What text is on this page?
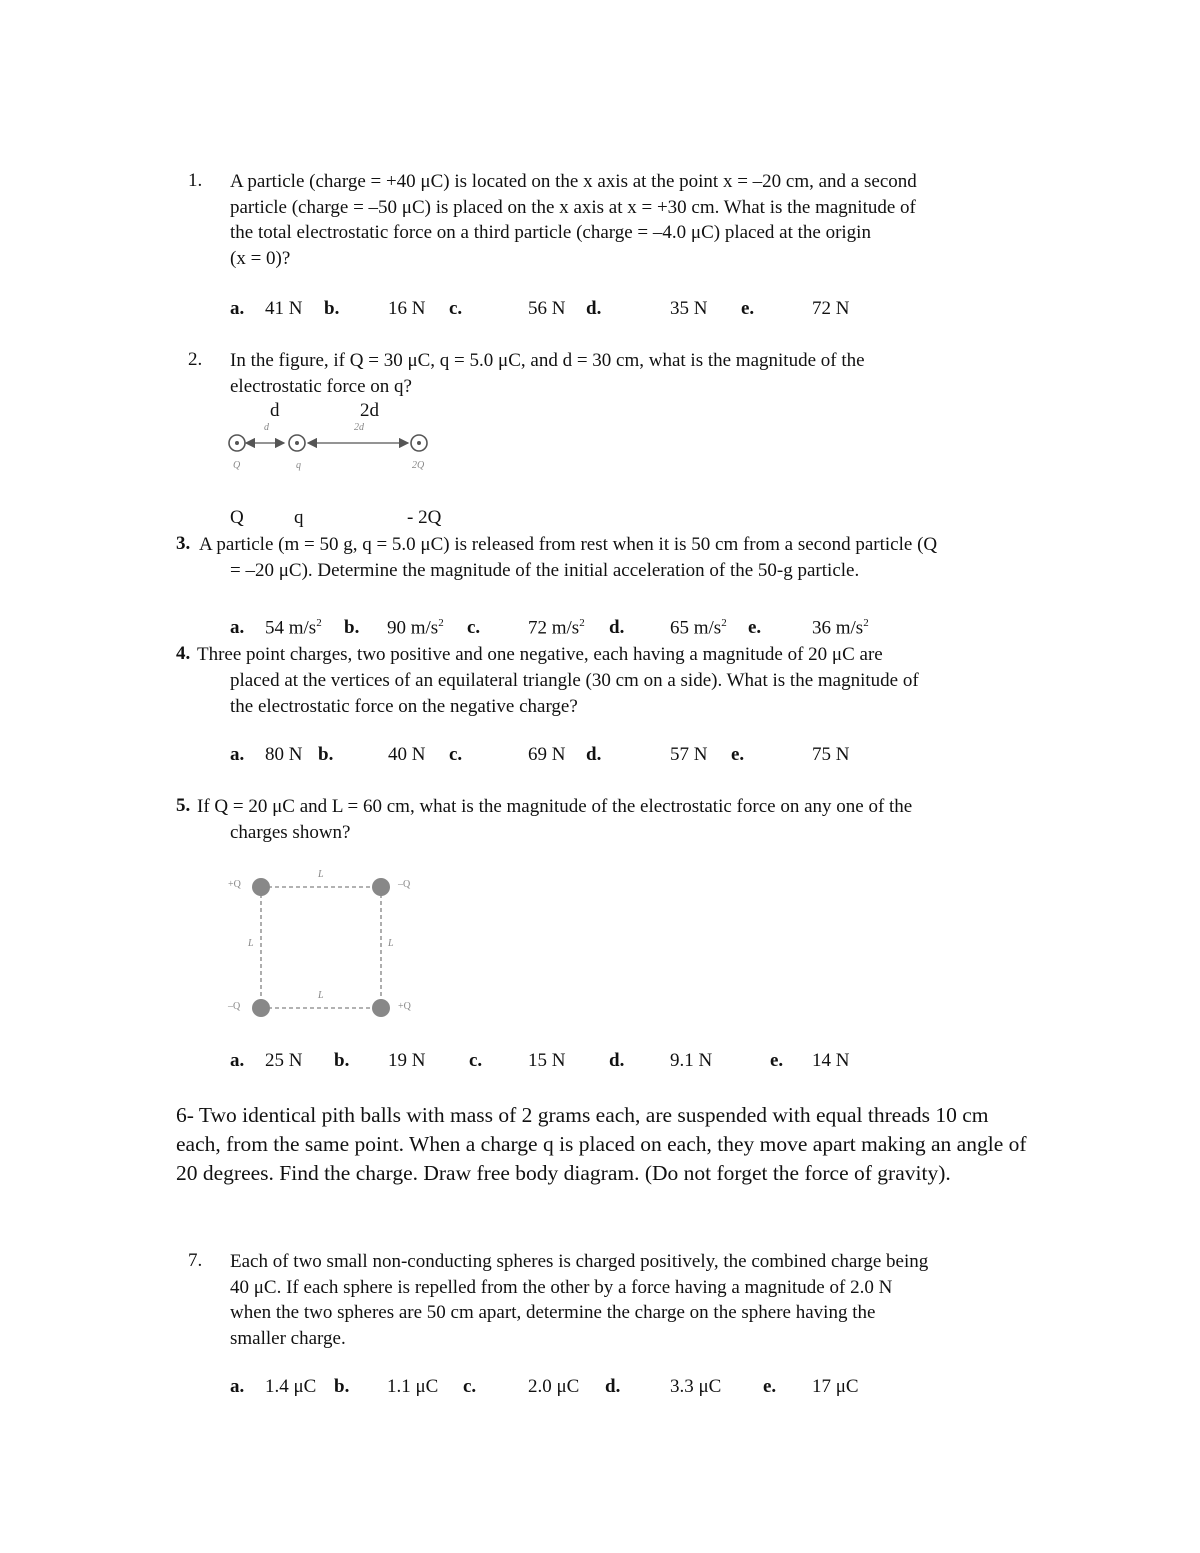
1. A particle (charge = +40 μC) is located on the x axis at the point x = –20 cm, and a second
particle (charge = –50 μC) is placed on the x axis at x = +30 cm. What is the magnitude of
the total electrostatic force on a third particle (charge = –4.0 μC) placed at the origin
(x = 0)?
a. 41 N b.	16 N c.	56 N d.	35 N e.	72 N
2. In the figure, if Q = 30 μC, q = 5.0 μC, and d = 30 cm, what is the magnitude of the
electrostatic force on q?
d	2d
d	2d
Q	q	2Q
Q	q	- 2Q
3. A particle (m = 50 g, q = 5.0 μC) is released from rest when it is 50 cm from a second particle (Q
= –20 μC). Determine the magnitude of the initial acceleration of the 50-g particle.
a. 54 $m/s^2$ b. 90 $m/s^2$ c.	72 $m/s^2$ d. 65 $m/s^2$ e.	36 $m/s^2$
4. Three point charges, two positive and one negative, each having a magnitude of 20 μC are
placed at the vertices of an equilateral triangle (30 cm on a side). What is the magnitude of
the electrostatic force on the negative charge?
a. 80 N b.	40 N c.	69 N d.	57 N e.	75 N
5. If Q = 20 μC and L = 60 cm, what is the magnitude of the electrostatic force on any one of the
charges shown?
+Q
–Q
–Q
+Q
L
L
L	L
a. 25 N b. 19 N c. 15 N d. 9.1 N	e. 14 N
6- Two identical pith balls with mass of 2 grams each, are suspended with equal threads 10 cm each, from the same point. When a charge q is placed on each, they move apart making an angle of 20 degrees. Find the charge. Draw free body diagram. (Do not forget the force of gravity).
7. Each of two small non-conducting spheres is charged positively, the combined charge being
40 μC. If each sphere is repelled from the other by a force having a magnitude of 2.0 N
when the two spheres are 50 cm apart, determine the charge on the sphere having the
smaller charge.
a. 1.4 μC b. 1.1 μC c.	2.0 μC d.	3.3 μC e. 17 μC
